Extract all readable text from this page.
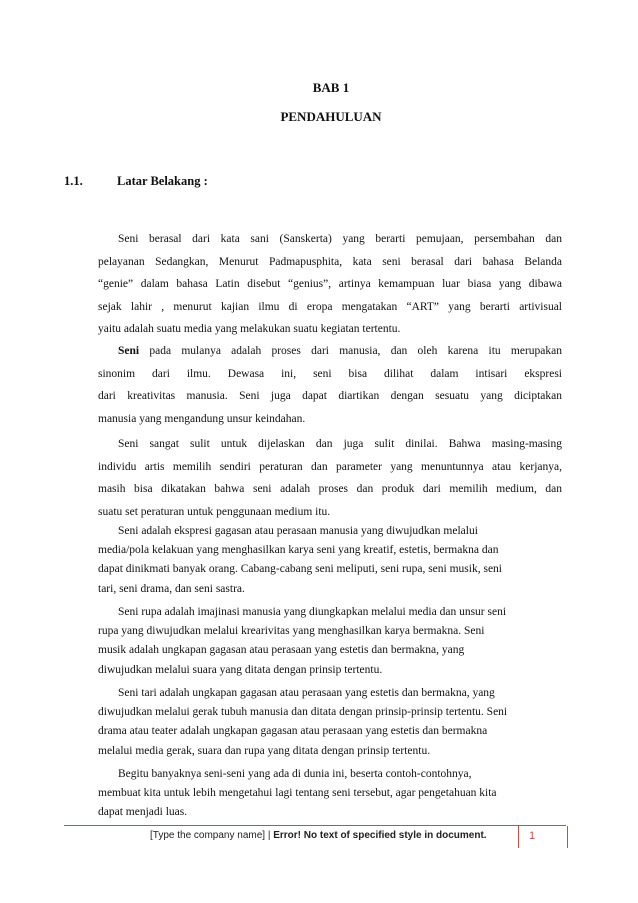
BAB 1
PENDAHULUAN
1.1.	Latar Belakang :
Seni berasal dari kata sani (Sanskerta) yang berarti pemujaan, persembahan dan
pelayanan Sedangkan, Menurut Padmapusphita, kata seni berasal dari bahasa Belanda
“genie” dalam bahasa Latin disebut “genius”, artinya kemampuan luar biasa yang dibawa
sejak lahir , menurut kajian ilmu di eropa mengatakan “ART” yang berarti artivisual
yaitu adalah suatu media yang melakukan suatu kegiatan tertentu.
Seni pada mulanya adalah proses dari manusia, dan oleh karena itu merupakan
sinonim dari ilmu. Dewasa ini, seni bisa dilihat dalam intisari ekspresi
dari kreativitas manusia. Seni juga dapat diartikan dengan sesuatu yang diciptakan
manusia yang mengandung unsur keindahan.
Seni sangat sulit untuk dijelaskan dan juga sulit dinilai. Bahwa masing-masing
individu artis memilih sendiri peraturan dan parameter yang menuntunnya atau kerjanya,
masih bisa dikatakan bahwa seni adalah proses dan produk dari memilih medium, dan
suatu set peraturan untuk penggunaan medium itu.
Seni adalah ekspresi gagasan atau perasaan manusia yang diwujudkan melalui
media/pola kelakuan yang menghasilkan karya seni yang kreatif, estetis, bermakna dan
dapat dinikmati banyak orang. Cabang-cabang seni meliputi, seni rupa, seni musik, seni
tari, seni drama, dan seni sastra.
Seni rupa adalah imajinasi manusia yang diungkapkan melalui media dan unsur seni
rupa yang diwujudkan melalui krearivitas yang menghasilkan karya bermakna. Seni
musik adalah ungkapan gagasan atau perasaan yang estetis dan bermakna, yang
diwujudkan melalui suara yang ditata dengan prinsip tertentu.
Seni tari adalah ungkapan gagasan atau perasaan yang estetis dan bermakna, yang
diwujudkan melalui gerak tubuh manusia dan ditata dengan prinsip-prinsip tertentu. Seni
drama atau teater adalah ungkapan gagasan atau perasaan yang estetis dan bermakna
melalui media gerak, suara dan rupa yang ditata dengan prinsip tertentu.
Begitu banyaknya seni-seni yang ada di dunia ini, beserta contoh-contohnya,
membuat kita untuk lebih mengetahui lagi tentang seni tersebut, agar pengetahuan kita
dapat menjadi luas.
[Type the company name] | Error! No text of specified style in document.	1
